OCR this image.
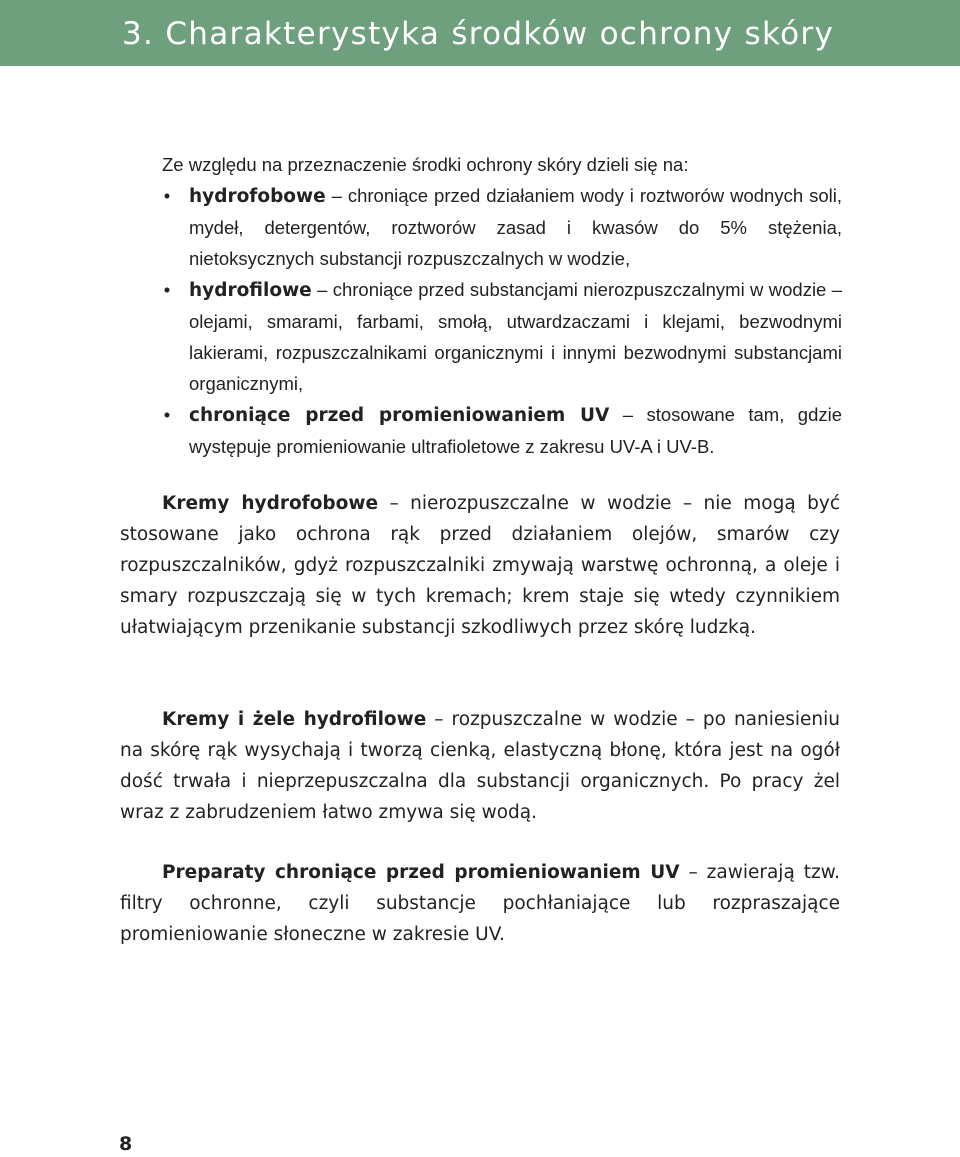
3. Charakterystyka środków ochrony skóry

Ze względu na przeznaczenie środki ochrony skóry dzieli się na:

• hydrofobowe – chroniące przed działaniem wody i roztworów wodnych soli, mydeł, detergentów, roztworów zasad i kwasów do 5% stężenia, nietoksycznych substancji rozpuszczalnych w wodzie,
• hydrofilowe – chroniące przed substancjami nierozpuszczalnymi w wodzie – olejami, smarami, farbami, smołą, utwardzaczami i klejami, bezwodnymi lakierami, rozpuszczalnikami organicznymi i innymi bezwodnymi substancjami organicznymi,
• chroniące przed promieniowaniem UV – stosowane tam, gdzie występuje promieniowanie ultrafioletowe z zakresu UV-A i UV-B.

Kremy hydrofobowe – nierozpuszczalne w wodzie – nie mogą być stosowane jako ochrona rąk przed działaniem olejów, smarów czy rozpuszczalników, gdyż rozpuszczalniki zmywają warstwę ochronną, a oleje i smary rozpuszczają się w tych kremach; krem staje się wtedy czynnikiem ułatwiającym przenikanie substancji szkodliwych przez skórę ludzką.

Kremy i żele hydrofilowe – rozpuszczalne w wodzie – po naniesieniu na skórę rąk wysychają i tworzą cienką, elastyczną błonę, która jest na ogół dość trwała i nieprzepuszczalna dla substancji organicznych. Po pracy żel wraz z zabrudzeniem łatwo zmywa się wodą.

Preparaty chroniące przed promieniowaniem UV – zawierają tzw. filtry ochronne, czyli substancje pochłaniające lub rozpraszające promieniowanie słoneczne w zakresie UV.

8
